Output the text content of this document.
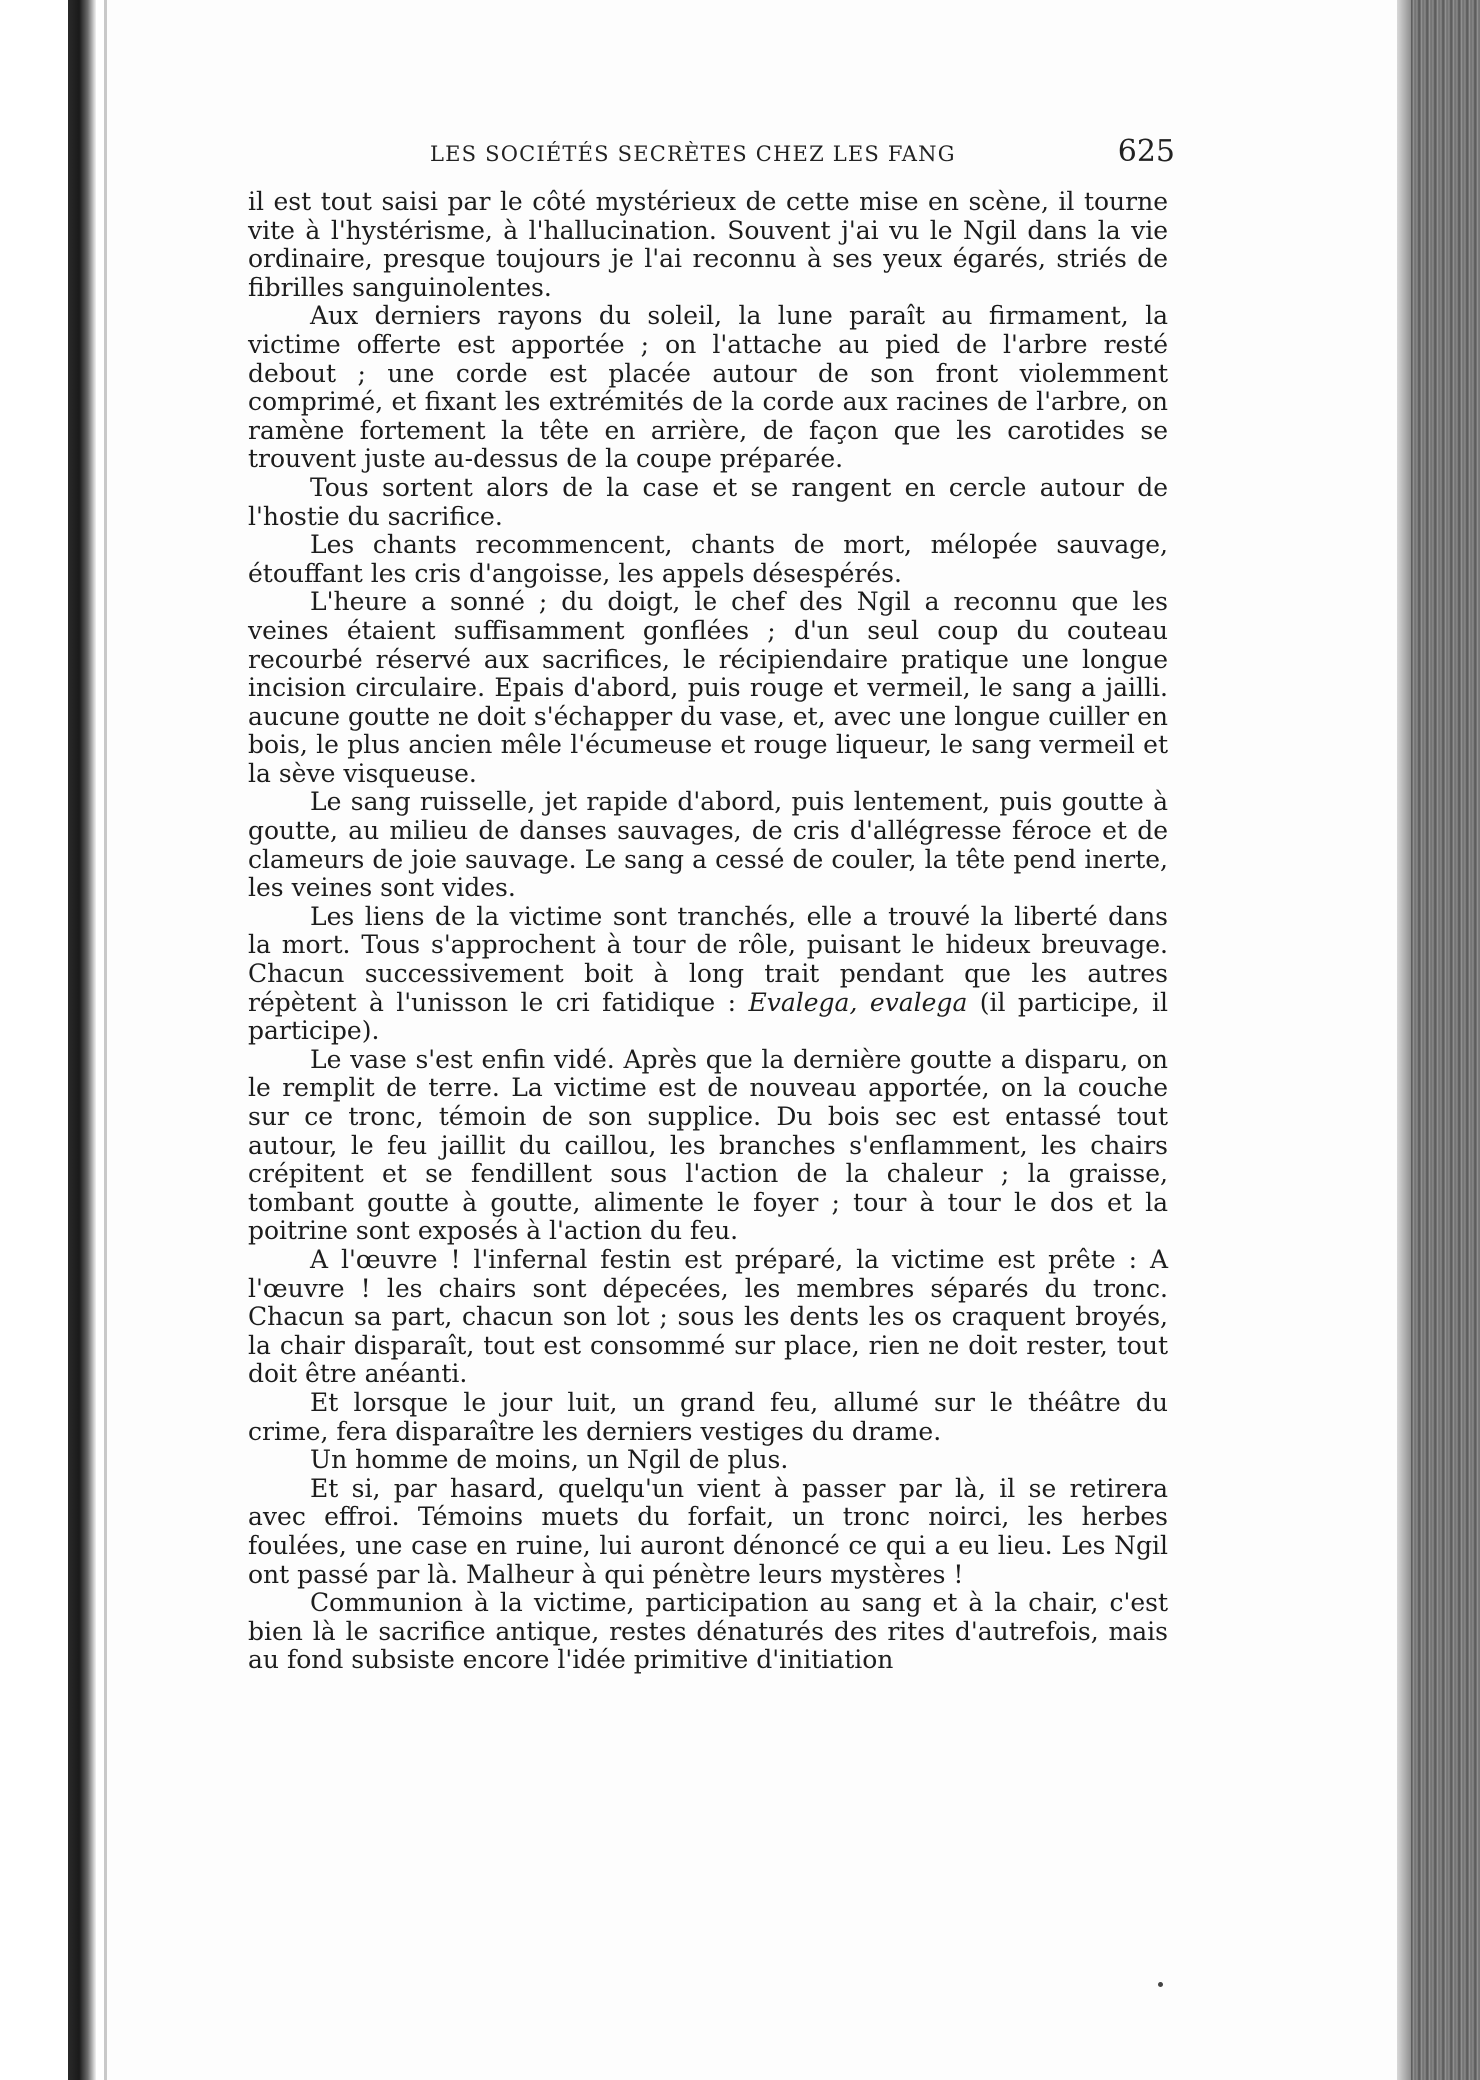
LES SOCIÉTÉS SECRÈTES CHEZ LES FANG	625

il est tout saisi par le côté mystérieux de cette mise en scène, il tourne vite à l'hystérisme, à l'hallucination. Souvent j'ai vu le Ngil dans la vie ordinaire, presque toujours je l'ai reconnu à ses yeux égarés, striés de fibrilles sanguinolentes.

Aux derniers rayons du soleil, la lune paraît au firmament, la victime offerte est apportée ; on l'attache au pied de l'arbre resté debout ; une corde est placée autour de son front violemment comprimé, et fixant les extrémités de la corde aux racines de l'arbre, on ramène fortement la tête en arrière, de façon que les carotides se trouvent juste au-dessus de la coupe préparée.

Tous sortent alors de la case et se rangent en cercle autour de l'hostie du sacrifice.

Les chants recommencent, chants de mort, mélopée sauvage, étouffant les cris d'angoisse, les appels désespérés.

L'heure a sonné ; du doigt, le chef des Ngil a reconnu que les veines étaient suffisamment gonflées ; d'un seul coup du couteau recourbé réservé aux sacrifices, le récipiendaire pratique une longue incision circulaire. Epais d'abord, puis rouge et vermeil, le sang a jailli. aucune goutte ne doit s'échapper du vase, et, avec une longue cuiller en bois, le plus ancien mêle l'écumeuse et rouge liqueur, le sang vermeil et la sève visqueuse.

Le sang ruisselle, jet rapide d'abord, puis lentement, puis goutte à goutte, au milieu de danses sauvages, de cris d'allégresse féroce et de clameurs de joie sauvage. Le sang a cessé de couler, la tête pend inerte, les veines sont vides.

Les liens de la victime sont tranchés, elle a trouvé la liberté dans la mort. Tous s'approchent à tour de rôle, puisant le hideux breuvage. Chacun successivement boit à long trait pendant que les autres répètent à l'unisson le cri fatidique : Evalega, evalega (il participe, il participe).

Le vase s'est enfin vidé. Après que la dernière goutte a disparu, on le remplit de terre. La victime est de nouveau apportée, on la couche sur ce tronc, témoin de son supplice. Du bois sec est entassé tout autour, le feu jaillit du caillou, les branches s'enflamment, les chairs crépitent et se fendillent sous l'action de la chaleur ; la graisse, tombant goutte à goutte, alimente le foyer ; tour à tour le dos et la poitrine sont exposés à l'action du feu.

A l'œuvre ! l'infernal festin est préparé, la victime est prête : A l'œuvre ! les chairs sont dépecées, les membres séparés du tronc. Chacun sa part, chacun son lot ; sous les dents les os craquent broyés, la chair disparaît, tout est consommé sur place, rien ne doit rester, tout doit être anéanti.

Et lorsque le jour luit, un grand feu, allumé sur le théâtre du crime, fera disparaître les derniers vestiges du drame.

Un homme de moins, un Ngil de plus.

Et si, par hasard, quelqu'un vient à passer par là, il se retirera avec effroi. Témoins muets du forfait, un tronc noirci, les herbes foulées, une case en ruine, lui auront dénoncé ce qui a eu lieu. Les Ngil ont passé par là. Malheur à qui pénètre leurs mystères !

Communion à la victime, participation au sang et à la chair, c'est bien là le sacrifice antique, restes dénaturés des rites d'autrefois, mais au fond subsiste encore l'idée primitive d'initiation
